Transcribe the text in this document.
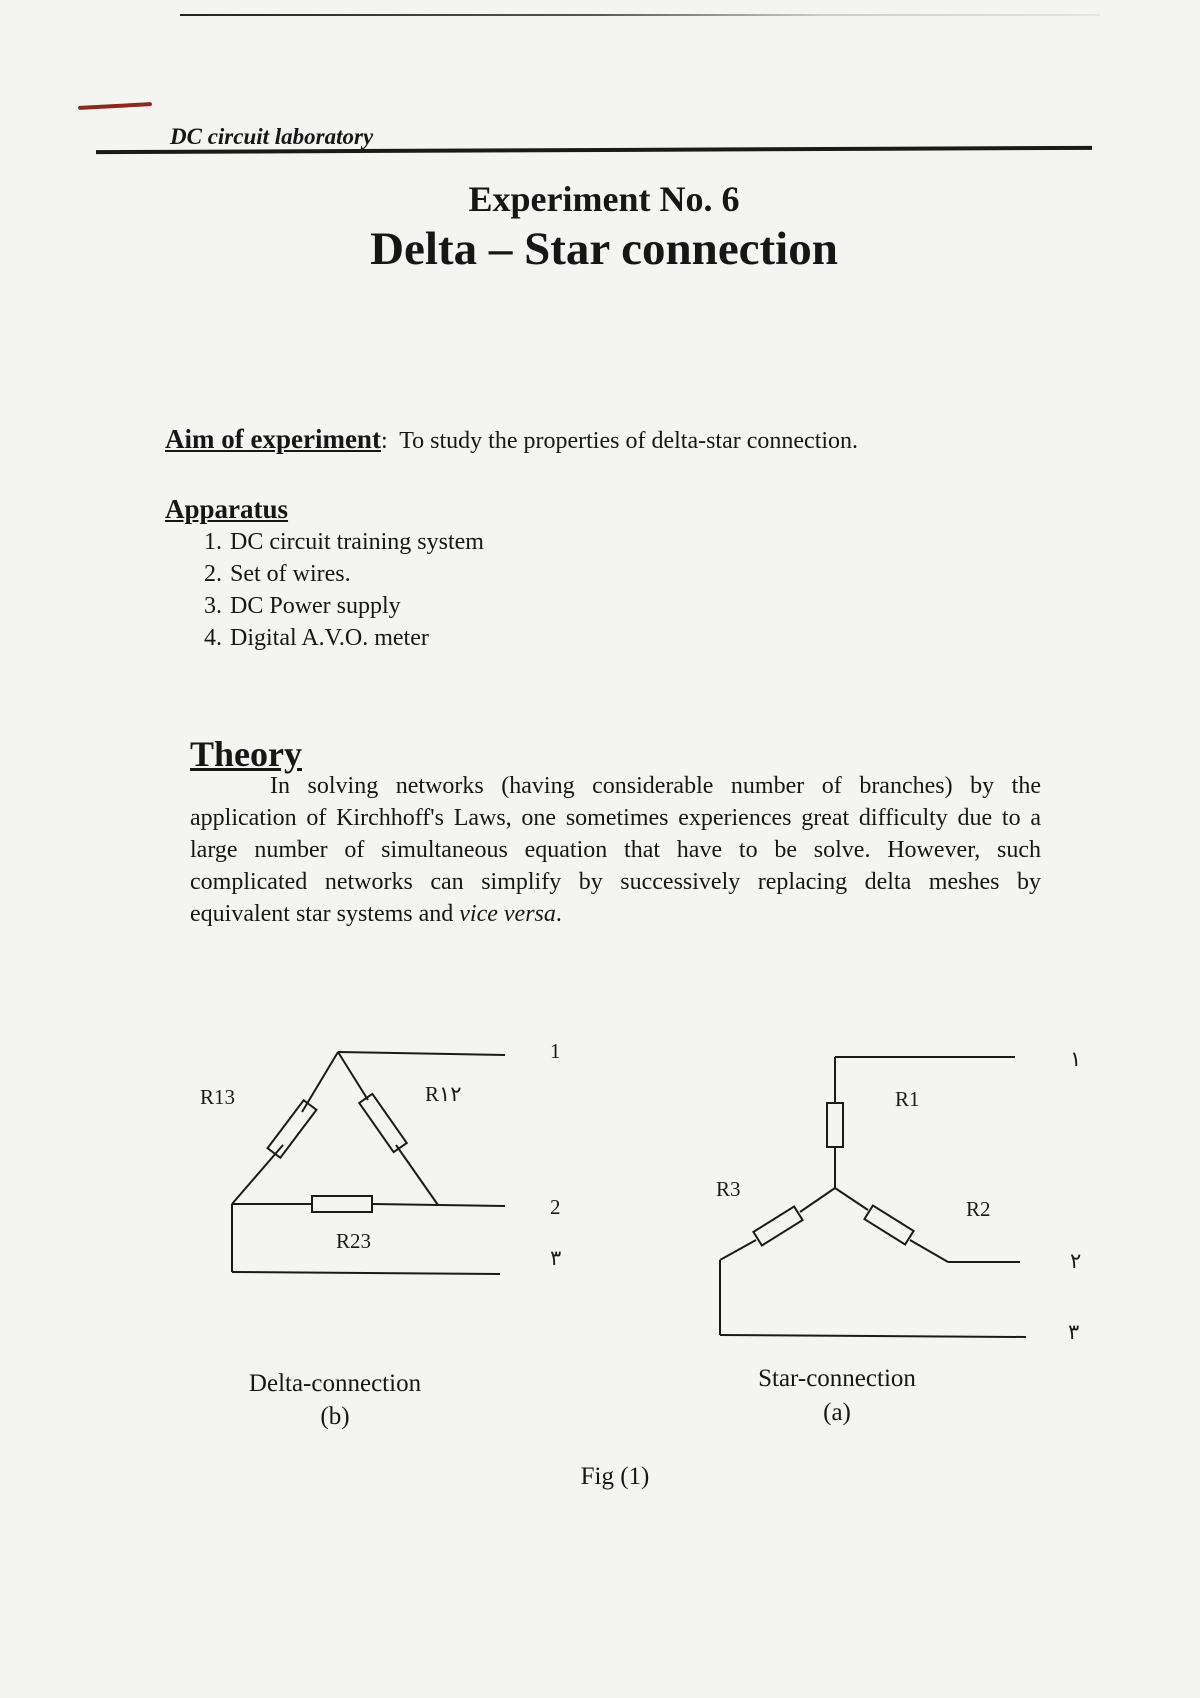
DC circuit laboratory
Experiment No. 6
Delta – Star connection
Aim of experiment: To study the properties of delta-star connection.
Apparatus
1. DC circuit training system
2. Set of wires.
3. DC Power supply
4. Digital A.V.O. meter
Theory

In solving networks (having considerable number of branches) by the application of Kirchhoff's Laws, one sometimes experiences great difficulty due to a large number of simultaneous equation that have to be solve. However, such complicated networks can simplify by successively replacing delta meshes by equivalent star systems and vice versa.

R13	R۱۲
R23
1
2
۳
R1
R3
R2
۱
۲
۳
Delta-connection
(b)
Star-connection
(a)
Fig (1)
